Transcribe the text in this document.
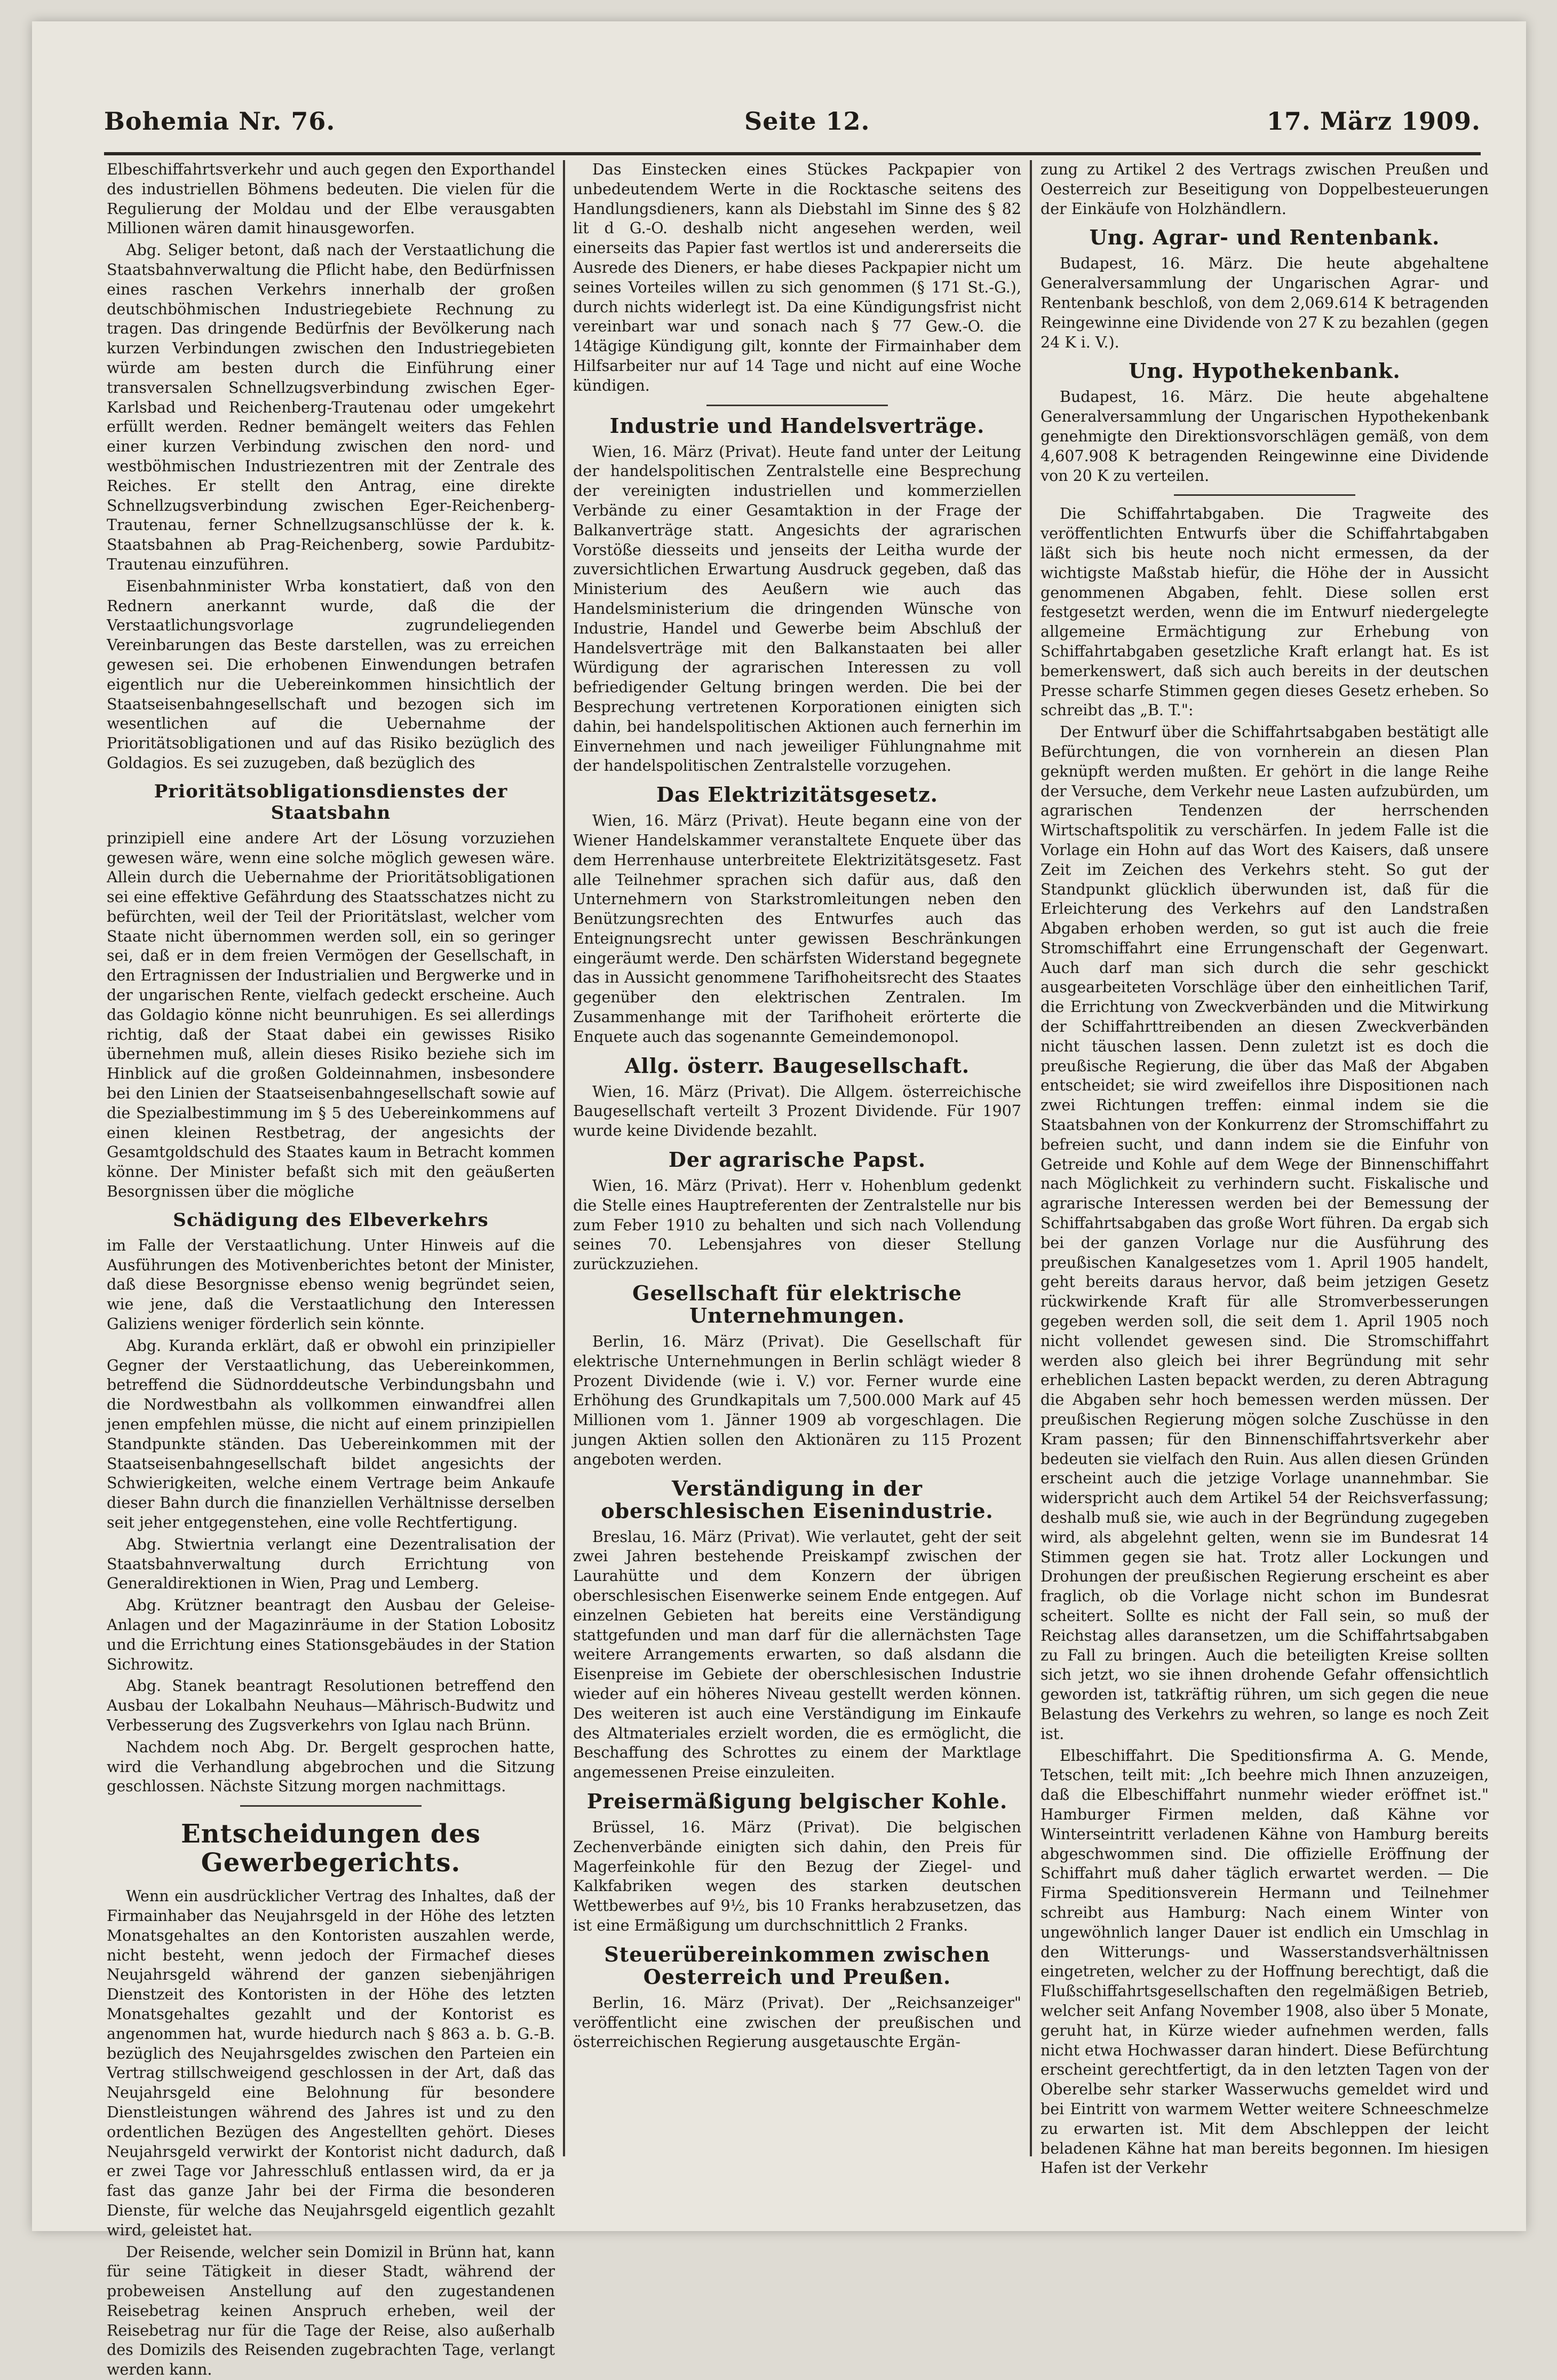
Bohemia Nr. 76.	Seite 12.	17. März 1909.

Elbeschiffahrtsverkehr und auch gegen den Exporthandel des industriellen Böhmens bedeuten. Die vielen für die Regulierung der Moldau und der Elbe verausgabten Millionen wären damit hinausgeworfen.

Abg. Seliger betont, daß nach der Verstaatlichung die Staatsbahnverwaltung die Pflicht habe, den Bedürfnissen eines raschen Verkehrs innerhalb der großen deutschböhmischen Industriegebiete Rechnung zu tragen. Das dringende Bedürfnis der Bevölkerung nach kurzen Verbindungen zwischen den Industriegebieten würde am besten durch die Einführung einer transversalen Schnellzugsverbindung zwischen Eger-Karlsbad und Reichenberg-Trautenau oder umgekehrt erfüllt werden. Redner bemängelt weiters das Fehlen einer kurzen Verbindung zwischen den nord- und westböhmischen Industriezentren mit der Zentrale des Reiches. Er stellt den Antrag, eine direkte Schnellzugsverbindung zwischen Eger-Reichenberg-Trautenau, ferner Schnellzugsanschlüsse der k. k. Staatsbahnen ab Prag-Reichenberg, sowie Pardubitz-Trautenau einzuführen.

Eisenbahnminister Wrba konstatiert, daß von den Rednern anerkannt wurde, daß die der Verstaatlichungsvorlage zugrundeliegenden Vereinbarungen das Beste darstellen, was zu erreichen gewesen sei. Die erhobenen Einwendungen betrafen eigentlich nur die Uebereinkommen hinsichtlich der Staatseisenbahngesellschaft und bezogen sich im wesentlichen auf die Uebernahme der Prioritätsobligationen und auf das Risiko bezüglich des Goldagios. Es sei zuzugeben, daß bezüglich des

Prioritätsobligationsdienstes der Staatsbahn

prinzipiell eine andere Art der Lösung vorzuziehen gewesen wäre, wenn eine solche möglich gewesen wäre. Allein durch die Uebernahme der Prioritätsobligationen sei eine effektive Gefährdung des Staatsschatzes nicht zu befürchten, weil der Teil der Prioritätslast, welcher vom Staate nicht übernommen werden soll, ein so geringer sei, daß er in dem freien Vermögen der Gesellschaft, in den Ertragnissen der Industrialien und Bergwerke und in der ungarischen Rente, vielfach gedeckt erscheine. Auch das Goldagio könne nicht beunruhigen. Es sei allerdings richtig, daß der Staat dabei ein gewisses Risiko übernehmen muß, allein dieses Risiko beziehe sich im Hinblick auf die großen Goldeinnahmen, insbesondere bei den Linien der Staatseisenbahngesellschaft sowie auf die Spezialbestimmung im § 5 des Uebereinkommens auf einen kleinen Restbetrag, der angesichts der Gesamtgoldschuld des Staates kaum in Betracht kommen könne. Der Minister befaßt sich mit den geäußerten Besorgnissen über die mögliche

Schädigung des Elbeverkehrs

im Falle der Verstaatlichung. Unter Hinweis auf die Ausführungen des Motivenberichtes betont der Minister, daß diese Besorgnisse ebenso wenig begründet seien, wie jene, daß die Verstaatlichung den Interessen Galiziens weniger förderlich sein könnte.

Abg. Kuranda erklärt, daß er obwohl ein prinzipieller Gegner der Verstaatlichung, das Uebereinkommen, betreffend die Südnorddeutsche Verbindungsbahn und die Nordwestbahn als vollkommen einwandfrei allen jenen empfehlen müsse, die nicht auf einem prinzipiellen Standpunkte ständen. Das Uebereinkommen mit der Staatseisenbahngesellschaft bildet angesichts der Schwierigkeiten, welche einem Vertrage beim Ankaufe dieser Bahn durch die finanziellen Verhältnisse derselben seit jeher entgegenstehen, eine volle Rechtfertigung.

Abg. Stwiertnia verlangt eine Dezentralisation der Staatsbahnverwaltung durch Errichtung von Generaldirektionen in Wien, Prag und Lemberg.

Abg. Krützner beantragt den Ausbau der Geleise-Anlagen und der Magazinräume in der Station Lobositz und die Errichtung eines Stationsgebäudes in der Station Sichrowitz.

Abg. Stanek beantragt Resolutionen betreffend den Ausbau der Lokalbahn Neuhaus—Mährisch-Budwitz und Verbesserung des Zugsverkehrs von Iglau nach Brünn.

Nachdem noch Abg. Dr. Bergelt gesprochen hatte, wird die Verhandlung abgebrochen und die Sitzung geschlossen. Nächste Sitzung morgen nachmittags.

Entscheidungen des Gewerbegerichts.

Wenn ein ausdrücklicher Vertrag des Inhaltes, daß der Firmainhaber das Neujahrsgeld in der Höhe des letzten Monatsgehaltes an den Kontoristen auszahlen werde, nicht besteht, wenn jedoch der Firmachef dieses Neujahrsgeld während der ganzen siebenjährigen Dienstzeit des Kontoristen in der Höhe des letzten Monatsgehaltes gezahlt und der Kontorist es angenommen hat, wurde hiedurch nach § 863 a. b. G.-B. bezüglich des Neujahrsgeldes zwischen den Parteien ein Vertrag stillschweigend geschlossen in der Art, daß das Neujahrsgeld eine Belohnung für besondere Dienstleistungen während des Jahres ist und zu den ordentlichen Bezügen des Angestellten gehört. Dieses Neujahrsgeld verwirkt der Kontorist nicht dadurch, daß er zwei Tage vor Jahresschluß entlassen wird, da er ja fast das ganze Jahr bei der Firma die besonderen Dienste, für welche das Neujahrsgeld eigentlich gezahlt wird, geleistet hat.

Der Reisende, welcher sein Domizil in Brünn hat, kann für seine Tätigkeit in dieser Stadt, während der probeweisen Anstellung auf den zugestandenen Reisebetrag keinen Anspruch erheben, weil der Reisebetrag nur für die Tage der Reise, also außerhalb des Domizils des Reisenden zugebrachten Tage, verlangt werden kann.

Das Einstecken eines Stückes Packpapier von unbedeutendem Werte in die Rocktasche seitens des Handlungsdieners, kann als Diebstahl im Sinne des § 82 lit d G.-O. deshalb nicht angesehen werden, weil einerseits das Papier fast wertlos ist und andererseits die Ausrede des Dieners, er habe dieses Packpapier nicht um seines Vorteiles willen zu sich genommen (§ 171 St.-G.), durch nichts widerlegt ist. Da eine Kündigungsfrist nicht vereinbart war und sonach nach § 77 Gew.-O. die 14tägige Kündigung gilt, konnte der Firmainhaber dem Hilfsarbeiter nur auf 14 Tage und nicht auf eine Woche kündigen.

Industrie und Handelsverträge.

Wien, 16. März (Privat). Heute fand unter der Leitung der handelspolitischen Zentralstelle eine Besprechung der vereinigten industriellen und kommerziellen Verbände zu einer Gesamtaktion in der Frage der Balkanverträge statt. Angesichts der agrarischen Vorstöße diesseits und jenseits der Leitha wurde der zuversichtlichen Erwartung Ausdruck gegeben, daß das Ministerium des Aeußern wie auch das Handelsministerium die dringenden Wünsche von Industrie, Handel und Gewerbe beim Abschluß der Handelsverträge mit den Balkanstaaten bei aller Würdigung der agrarischen Interessen zu voll befriedigender Geltung bringen werden. Die bei der Besprechung vertretenen Korporationen einigten sich dahin, bei handelspolitischen Aktionen auch fernerhin im Einvernehmen und nach jeweiliger Fühlungnahme mit der handelspolitischen Zentralstelle vorzugehen.

Das Elektrizitätsgesetz.

Wien, 16. März (Privat). Heute begann eine von der Wiener Handelskammer veranstaltete Enquete über das dem Herrenhause unterbreitete Elektrizitätsgesetz. Fast alle Teilnehmer sprachen sich dafür aus, daß den Unternehmern von Starkstromleitungen neben den Benützungsrechten des Entwurfes auch das Enteignungsrecht unter gewissen Beschränkungen eingeräumt werde. Den schärfsten Widerstand begegnete das in Aussicht genommene Tarifhoheitsrecht des Staates gegenüber den elektrischen Zentralen. Im Zusammenhange mit der Tarifhoheit erörterte die Enquete auch das sogenannte Gemeindemonopol.

Allg. österr. Baugesellschaft.

Wien, 16. März (Privat). Die Allgem. österreichische Baugesellschaft verteilt 3 Prozent Dividende. Für 1907 wurde keine Dividende bezahlt.

Der agrarische Papst.

Wien, 16. März (Privat). Herr v. Hohenblum gedenkt die Stelle eines Hauptreferenten der Zentralstelle nur bis zum Feber 1910 zu behalten und sich nach Vollendung seines 70. Lebensjahres von dieser Stellung zurückzuziehen.

Gesellschaft für elektrische Unternehmungen.

Berlin, 16. März (Privat). Die Gesellschaft für elektrische Unternehmungen in Berlin schlägt wieder 8 Prozent Dividende (wie i. V.) vor. Ferner wurde eine Erhöhung des Grundkapitals um 7,500.000 Mark auf 45 Millionen vom 1. Jänner 1909 ab vorgeschlagen. Die jungen Aktien sollen den Aktionären zu 115 Prozent angeboten werden.

Verständigung in der oberschlesischen Eisenindustrie.

Breslau, 16. März (Privat). Wie verlautet, geht der seit zwei Jahren bestehende Preiskampf zwischen der Laurahütte und dem Konzern der übrigen oberschlesischen Eisenwerke seinem Ende entgegen. Auf einzelnen Gebieten hat bereits eine Verständigung stattgefunden und man darf für die allernächsten Tage weitere Arrangements erwarten, so daß alsdann die Eisenpreise im Gebiete der oberschlesischen Industrie wieder auf ein höheres Niveau gestellt werden können. Des weiteren ist auch eine Verständigung im Einkaufe des Altmateriales erzielt worden, die es ermöglicht, die Beschaffung des Schrottes zu einem der Marktlage angemessenen Preise einzuleiten.

Preisermäßigung belgischer Kohle.

Brüssel, 16. März (Privat). Die belgischen Zechenverbände einigten sich dahin, den Preis für Magerfeinkohle für den Bezug der Ziegel- und Kalkfabriken wegen des starken deutschen Wettbewerbes auf 9½, bis 10 Franks herabzusetzen, das ist eine Ermäßigung um durchschnittlich 2 Franks.

Steuerübereinkommen zwischen Oesterreich und Preußen.

Berlin, 16. März (Privat). Der „Reichsanzeiger" veröffentlicht eine zwischen der preußischen und österreichischen Regierung ausgetauschte Ergän-

zung zu Artikel 2 des Vertrags zwischen Preußen und Oesterreich zur Beseitigung von Doppelbesteuerungen der Einkäufe von Holzhändlern.

Ung. Agrar- und Rentenbank.

Budapest, 16. März. Die heute abgehaltene Generalversammlung der Ungarischen Agrar- und Rentenbank beschloß, von dem 2,069.614 K betragenden Reingewinne eine Dividende von 27 K zu bezahlen (gegen 24 K i. V.).

Ung. Hypothekenbank.

Budapest, 16. März. Die heute abgehaltene Generalversammlung der Ungarischen Hypothekenbank genehmigte den Direktionsvorschlägen gemäß, von dem 4,607.908 K betragenden Reingewinne eine Dividende von 20 K zu verteilen.

Die Schiffahrtabgaben. Die Tragweite des veröffentlichten Entwurfs über die Schiffahrtabgaben läßt sich bis heute noch nicht ermessen, da der wichtigste Maßstab hiefür, die Höhe der in Aussicht genommenen Abgaben, fehlt. Diese sollen erst festgesetzt werden, wenn die im Entwurf niedergelegte allgemeine Ermächtigung zur Erhebung von Schiffahrtabgaben gesetzliche Kraft erlangt hat. Es ist bemerkenswert, daß sich auch bereits in der deutschen Presse scharfe Stimmen gegen dieses Gesetz erheben. So schreibt das „B. T.":

Der Entwurf über die Schiffahrtsabgaben bestätigt alle Befürchtungen, die von vornherein an diesen Plan geknüpft werden mußten. Er gehört in die lange Reihe der Versuche, dem Verkehr neue Lasten aufzubürden, um agrarischen Tendenzen der herrschenden Wirtschaftspolitik zu verschärfen. In jedem Falle ist die Vorlage ein Hohn auf das Wort des Kaisers, daß unsere Zeit im Zeichen des Verkehrs steht. So gut der Standpunkt glücklich überwunden ist, daß für die Erleichterung des Verkehrs auf den Landstraßen Abgaben erhoben werden, so gut ist auch die freie Stromschiffahrt eine Errungenschaft der Gegenwart. Auch darf man sich durch die sehr geschickt ausgearbeiteten Vorschläge über den einheitlichen Tarif, die Errichtung von Zweckverbänden und die Mitwirkung der Schiffahrttreibenden an diesen Zweckverbänden nicht täuschen lassen. Denn zuletzt ist es doch die preußische Regierung, die über das Maß der Abgaben entscheidet; sie wird zweifellos ihre Dispositionen nach zwei Richtungen treffen: einmal indem sie die Staatsbahnen von der Konkurrenz der Stromschiffahrt zu befreien sucht, und dann indem sie die Einfuhr von Getreide und Kohle auf dem Wege der Binnenschiffahrt nach Möglichkeit zu verhindern sucht. Fiskalische und agrarische Interessen werden bei der Bemessung der Schiffahrtsabgaben das große Wort führen. Da ergab sich bei der ganzen Vorlage nur die Ausführung des preußischen Kanalgesetzes vom 1. April 1905 handelt, geht bereits daraus hervor, daß beim jetzigen Gesetz rückwirkende Kraft für alle Stromverbesserungen gegeben werden soll, die seit dem 1. April 1905 noch nicht vollendet gewesen sind. Die Stromschiffahrt werden also gleich bei ihrer Begründung mit sehr erheblichen Lasten bepackt werden, zu deren Abtragung die Abgaben sehr hoch bemessen werden müssen. Der preußischen Regierung mögen solche Zuschüsse in den Kram passen; für den Binnenschiffahrtsverkehr aber bedeuten sie vielfach den Ruin. Aus allen diesen Gründen erscheint auch die jetzige Vorlage unannehmbar. Sie widerspricht auch dem Artikel 54 der Reichsverfassung; deshalb muß sie, wie auch in der Begründung zugegeben wird, als abgelehnt gelten, wenn sie im Bundesrat 14 Stimmen gegen sie hat. Trotz aller Lockungen und Drohungen der preußischen Regierung erscheint es aber fraglich, ob die Vorlage nicht schon im Bundesrat scheitert. Sollte es nicht der Fall sein, so muß der Reichstag alles daransetzen, um die Schiffahrtsabgaben zu Fall zu bringen. Auch die beteiligten Kreise sollten sich jetzt, wo sie ihnen drohende Gefahr offensichtlich geworden ist, tatkräftig rühren, um sich gegen die neue Belastung des Verkehrs zu wehren, so lange es noch Zeit ist.

Elbeschiffahrt. Die Speditionsfirma A. G. Mende, Tetschen, teilt mit: „Ich beehre mich Ihnen anzuzeigen, daß die Elbeschiffahrt nunmehr wieder eröffnet ist." Hamburger Firmen melden, daß Kähne vor Winterseintritt verladenen Kähne von Hamburg bereits abgeschwommen sind. Die offizielle Eröffnung der Schiffahrt muß daher täglich erwartet werden. — Die Firma Speditionsverein Hermann und Teilnehmer schreibt aus Hamburg: Nach einem Winter von ungewöhnlich langer Dauer ist endlich ein Umschlag in den Witterungs- und Wasserstandsverhältnissen eingetreten, welcher zu der Hoffnung berechtigt, daß die Flußschiffahrtsgesellschaften den regelmäßigen Betrieb, welcher seit Anfang November 1908, also über 5 Monate, geruht hat, in Kürze wieder aufnehmen werden, falls nicht etwa Hochwasser daran hindert. Diese Befürchtung erscheint gerechtfertigt, da in den letzten Tagen von der Oberelbe sehr starker Wasserwuchs gemeldet wird und bei Eintritt von warmem Wetter weitere Schneeschmelze zu erwarten ist. Mit dem Abschleppen der leicht beladenen Kähne hat man bereits begonnen. Im hiesigen Hafen ist der Verkehr
